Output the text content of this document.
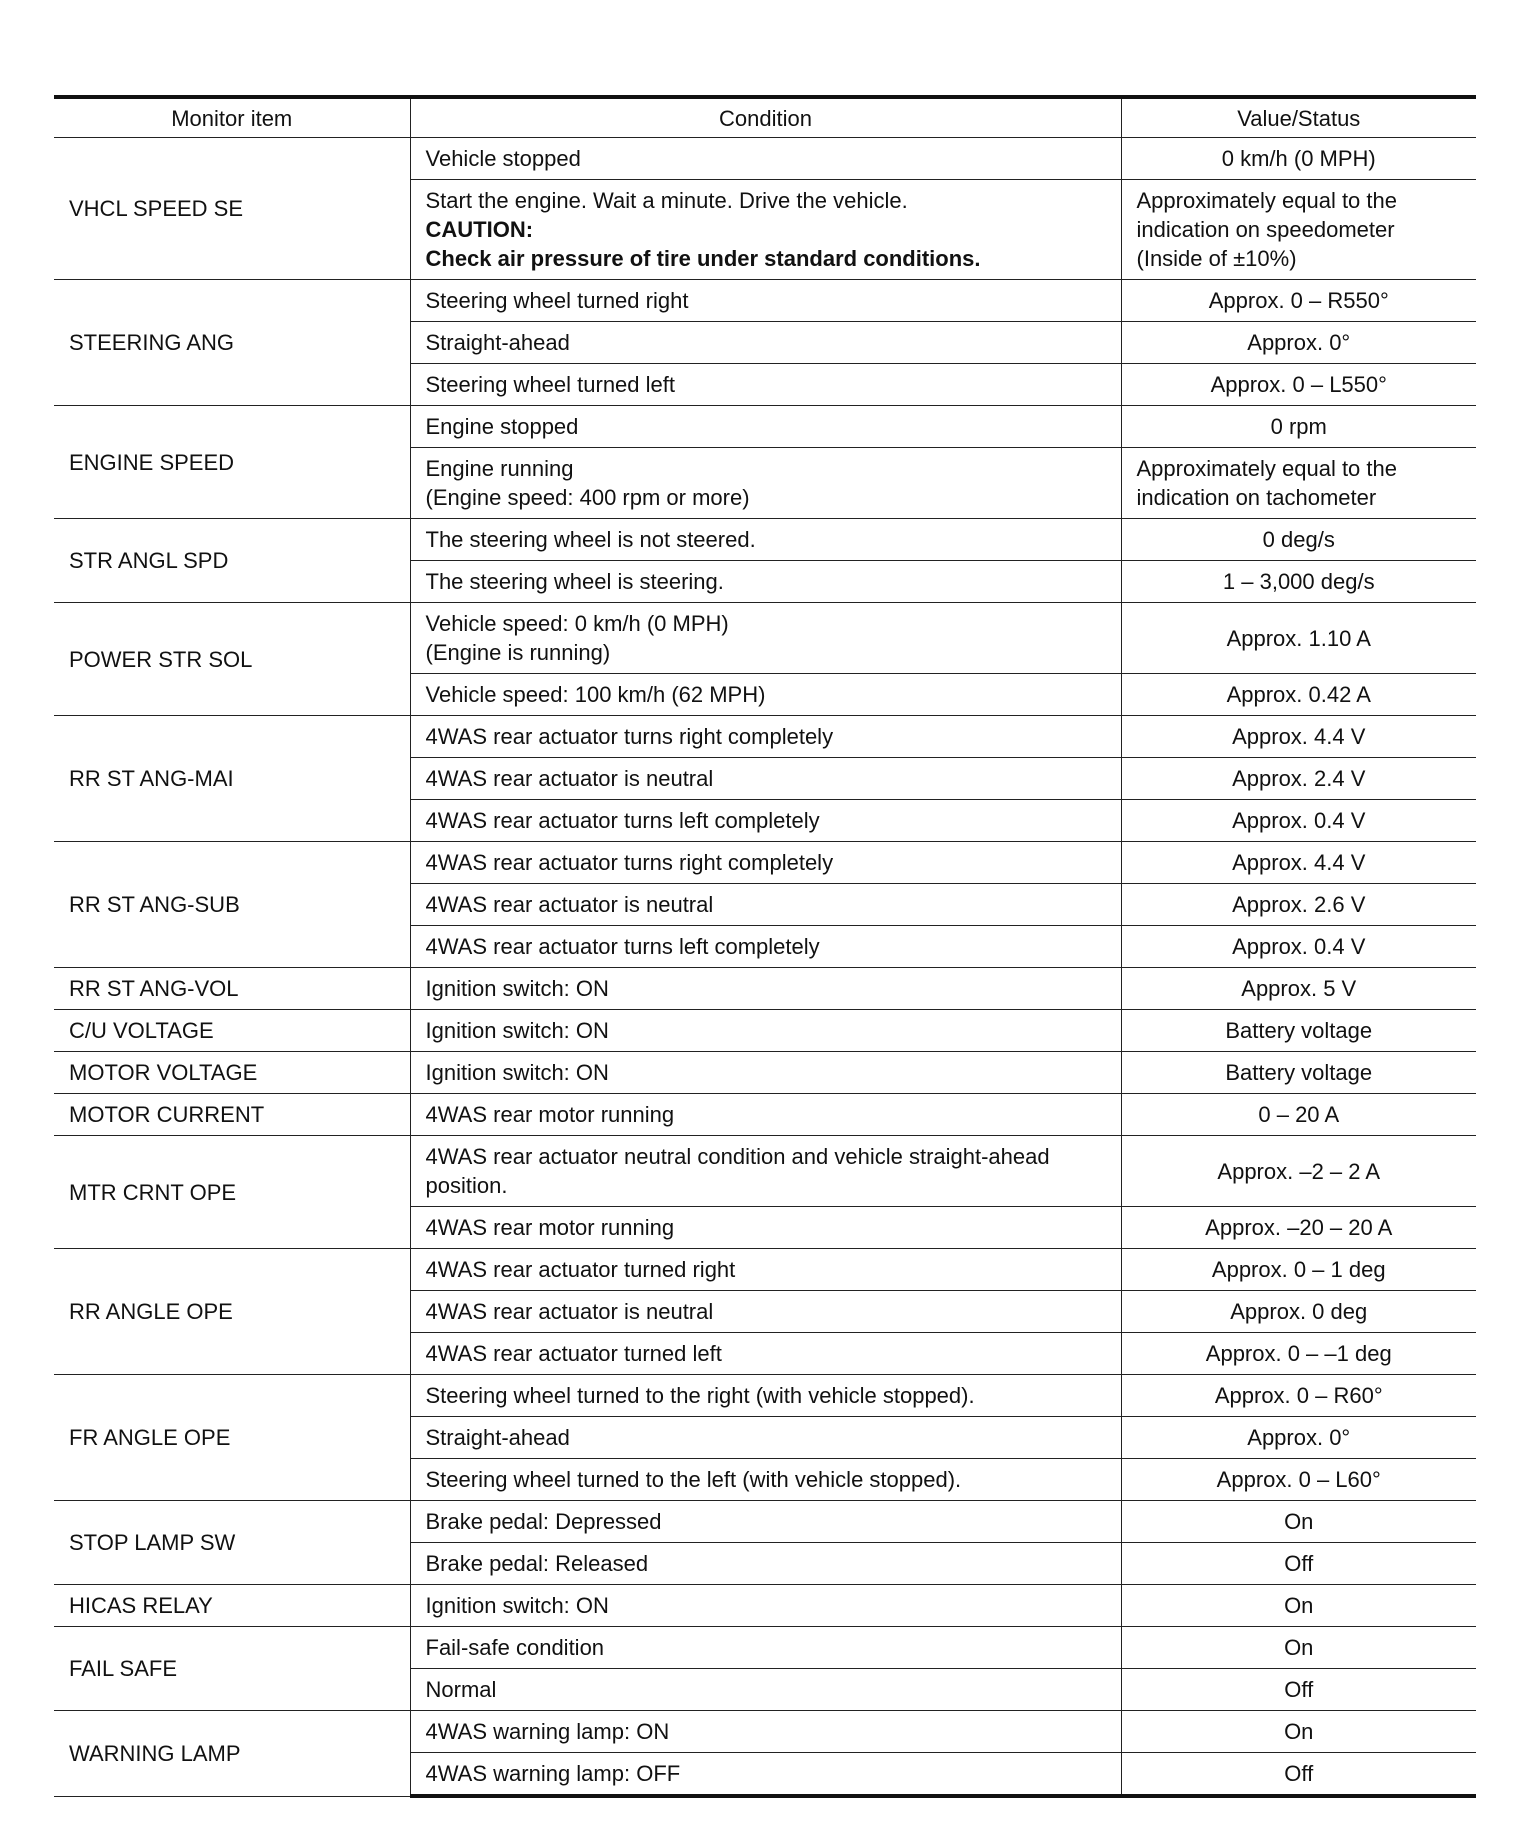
Monitor item	Condition	Value/Status
VHCL SPEED SE	Vehicle stopped	0 km/h (0 MPH)

	Start the engine. Wait a minute. Drive the vehicle.
CAUTION:
Check air pressure of tire under standard conditions.	Approximately equal to the indication on speedometer (Inside of ±10%)
STEERING ANG	Steering wheel turned right	Approx. 0 – R550°

	Straight-ahead	Approx. 0°

	Steering wheel turned left	Approx. 0 – L550°
ENGINE SPEED	Engine stopped	0 rpm

	Engine running
(Engine speed: 400 rpm or more)	Approximately equal to the indication on tachometer
STR ANGL SPD	The steering wheel is not steered.	0 deg/s

	The steering wheel is steering.	1 – 3,000 deg/s
POWER STR SOL	Vehicle speed: 0 km/h (0 MPH)
(Engine is running)	Approx. 1.10 A

	Vehicle speed: 100 km/h (62 MPH)	Approx. 0.42 A
RR ST ANG-MAI	4WAS rear actuator turns right completely	Approx. 4.4 V

	4WAS rear actuator is neutral	Approx. 2.4 V

	4WAS rear actuator turns left completely	Approx. 0.4 V
RR ST ANG-SUB	4WAS rear actuator turns right completely	Approx. 4.4 V

	4WAS rear actuator is neutral	Approx. 2.6 V

	4WAS rear actuator turns left completely	Approx. 0.4 V
RR ST ANG-VOL	Ignition switch: ON	Approx. 5 V
C/U VOLTAGE	Ignition switch: ON	Battery voltage
MOTOR VOLTAGE	Ignition switch: ON	Battery voltage
MOTOR CURRENT	4WAS rear motor running	0 – 20 A
MTR CRNT OPE	4WAS rear actuator neutral condition and vehicle straight-ahead position.	Approx. –2 – 2 A

	4WAS rear motor running	Approx. –20 – 20 A
RR ANGLE OPE	4WAS rear actuator turned right	Approx. 0 – 1 deg

	4WAS rear actuator is neutral	Approx. 0 deg

	4WAS rear actuator turned left	Approx. 0 – –1 deg
FR ANGLE OPE	Steering wheel turned to the right (with vehicle stopped).	Approx. 0 – R60°

	Straight-ahead	Approx. 0°

	Steering wheel turned to the left (with vehicle stopped).	Approx. 0 – L60°
STOP LAMP SW	Brake pedal: Depressed	On

	Brake pedal: Released	Off
HICAS RELAY	Ignition switch: ON	On
FAIL SAFE	Fail-safe condition	On

	Normal	Off
WARNING LAMP	4WAS warning lamp: ON	On

	4WAS warning lamp: OFF	Off
